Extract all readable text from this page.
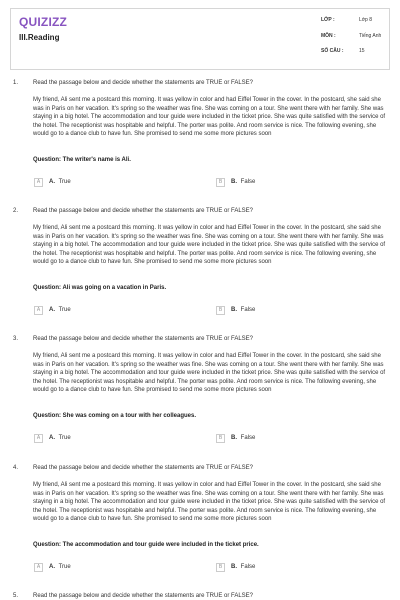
QUIZIZZ
III.Reading
LỚP :	Lớp 8
MÔN :	Tiếng Anh
SỐ CÂU :	15
1. Read the passage below and decide whether the statements are TRUE or FALSE?
My friend, Ali sent me a postcard this morning. It was yellow in color and had Eiffel Tower in the cover. In the postcard, she said she was in Paris on her vacation. It's spring so the weather was fine. She was coming on a tour. She went there with her family. She was staying in a big hotel. The accommodation and tour guide were included in the ticket price. She was quite satisfied with the service of the hotel. The receptionist was hospitable and helpful. The porter was polite. And room service is nice. The following evening, she would go to a dance club to have fun. She promised to send me some more pictures soon
Question: The writer's name is Ali.
A	A. True	B	B. False
2. Read the passage below and decide whether the statements are TRUE or FALSE?
My friend, Ali sent me a postcard this morning. It was yellow in color and had Eiffel Tower in the cover. In the postcard, she said she was in Paris on her vacation. It's spring so the weather was fine. She was coming on a tour. She went there with her family. She was staying in a big hotel. The accommodation and tour guide were included in the ticket price. She was quite satisfied with the service of the hotel. The receptionist was hospitable and helpful. The porter was polite. And room service is nice. The following evening, she would go to a dance club to have fun. She promised to send me some more pictures soon
Question: Ali was going on a vacation in Paris.
A	A. True	B	B. False
3. Read the passage below and decide whether the statements are TRUE or FALSE?
My friend, Ali sent me a postcard this morning. It was yellow in color and had Eiffel Tower in the cover. In the postcard, she said she was in Paris on her vacation. It's spring so the weather was fine. She was coming on a tour. She went there with her family. She was staying in a big hotel. The accommodation and tour guide were included in the ticket price. She was quite satisfied with the service of the hotel. The receptionist was hospitable and helpful. The porter was polite. And room service is nice. The following evening, she would go to a dance club to have fun. She promised to send me some more pictures soon
Question: She was coming on a tour with her colleagues.
A	A. True	B	B. False
4. Read the passage below and decide whether the statements are TRUE or FALSE?
My friend, Ali sent me a postcard this morning. It was yellow in color and had Eiffel Tower in the cover. In the postcard, she said she was in Paris on her vacation. It's spring so the weather was fine. She was coming on a tour. She went there with her family. She was staying in a big hotel. The accommodation and tour guide were included in the ticket price. She was quite satisfied with the service of the hotel. The receptionist was hospitable and helpful. The porter was polite. And room service is nice. The following evening, she would go to a dance club to have fun. She promised to send me some more pictures soon
Question: The accommodation and tour guide were included in the ticket price.
A	A. True	B	B. False
5. Read the passage below and decide whether the statements are TRUE or FALSE?
